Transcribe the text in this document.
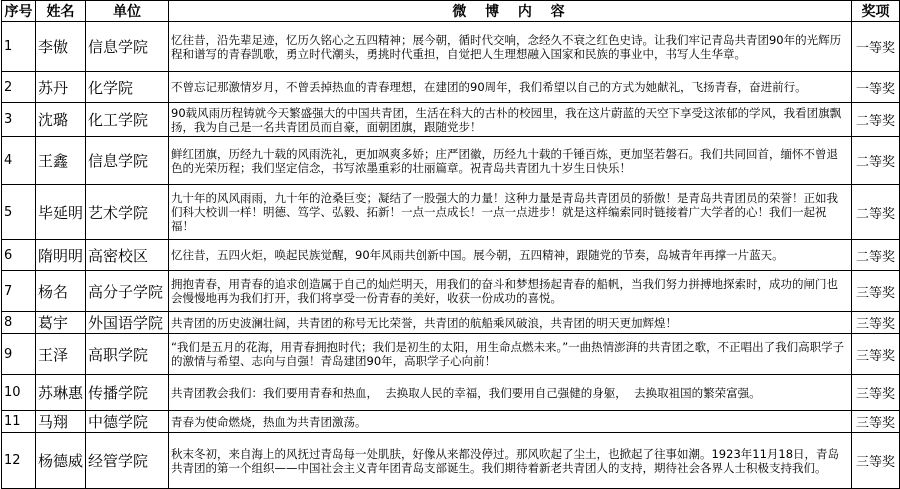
序号	姓名	单位	微  博  内  容	奖项
1	李傲	信息学院	忆往昔，沿先辈足迹，忆历久铭心之五四精神；展今朝，循时代交响，念经久不衰之红色史诗。让我们牢记青岛共青团90年的光辉历程和谱写的青春凯歌，勇立时代潮头，勇挑时代重担，自觉把人生理想融入国家和民族的事业中，书写人生华章。	一等奖
2	苏丹	化学院	不曾忘记那激情岁月，不曾丢掉热血的青春理想，在建团的90周年，我们希望以自己的方式为她献礼，飞扬青春，奋进前行。	一等奖
3	沈璐	化工学院	90载风雨历程铸就今天繁盛强大的中国共青团，生活在科大的古朴的校园里，我在这片蔚蓝的天空下享受这浓郁的学风，我看团旗飘扬，我为自己是一名共青团员而自豪，面朝团旗，跟随党步！	二等奖
4	王鑫	信息学院	鲜红团旗，历经九十载的风雨洗礼，更加飒爽多娇；庄严团徽，历经九十载的千锤百炼，更加坚若磐石。我们共同回首，缅怀不曾退色的光荣历程；我们坚定信念，书写浓墨重彩的壮丽篇章。祝青岛共青团九十岁生日快乐！	二等奖
5	毕延明	艺术学院	九十年的风风雨雨，九十年的沧桑巨变；凝结了一股强大的力量！这种力量是青岛共青团员的骄傲！是青岛共青团员的荣誉！正如我们科大校训一样！明德、笃学、弘毅、拓新！一点一点成长！一点一点进步！就是这样编索同时链接着广大学者的心！我们一起祝福！	二等奖
6	隋明明	高密校区	忆往昔，五四火炬，唤起民族觉醒，90年风雨共创新中国。展今朝，五四精神，跟随党的节奏，岛城青年再撑一片蓝天。	二等奖
7	杨名	高分子学院	拥抱青春，用青春的追求创造属于自己的灿烂明天，用我们的奋斗和梦想扬起青春的船帆，当我们努力拼搏地探索时，成功的闸门也会慢慢地再为我们打开，我们将享受一份青春的美好，收获一份成功的喜悦。	三等奖
8	葛宇	外国语学院	共青团的历史波澜壮阔，共青团的称号无比荣誉，共青团的航船乘风破浪，共青团的明天更加辉煌！	三等奖
9	王泽	高职学院	“我们是五月的花海，用青春拥抱时代；我们是初生的太阳，用生命点燃未来。”一曲热情澎湃的共青团之歌，不正唱出了我们高职学子的激情与希望、志向与自强！青岛建团90年，高职学子心向前！	三等奖
10	苏琳惠	传播学院	共青团教会我们：我们要用青春和热血，  去换取人民的幸福，我们要用自己强健的身躯，  去换取祖国的繁荣富强。	三等奖
11	马翔	中德学院	青春为使命燃烧，热血为共青团激荡。	三等奖
12	杨德威	经管学院	秋末冬初，来自海上的风抚过青岛每一处肌肤，好像从来都没停过。那风吹起了尘土，也掀起了往事如潮。1923年11月18日，青岛共青团的第一个组织——中国社会主义青年团青岛支部诞生。我们期待着新老共青团人的支持，期待社会各界人士积极支持我们。	三等奖
